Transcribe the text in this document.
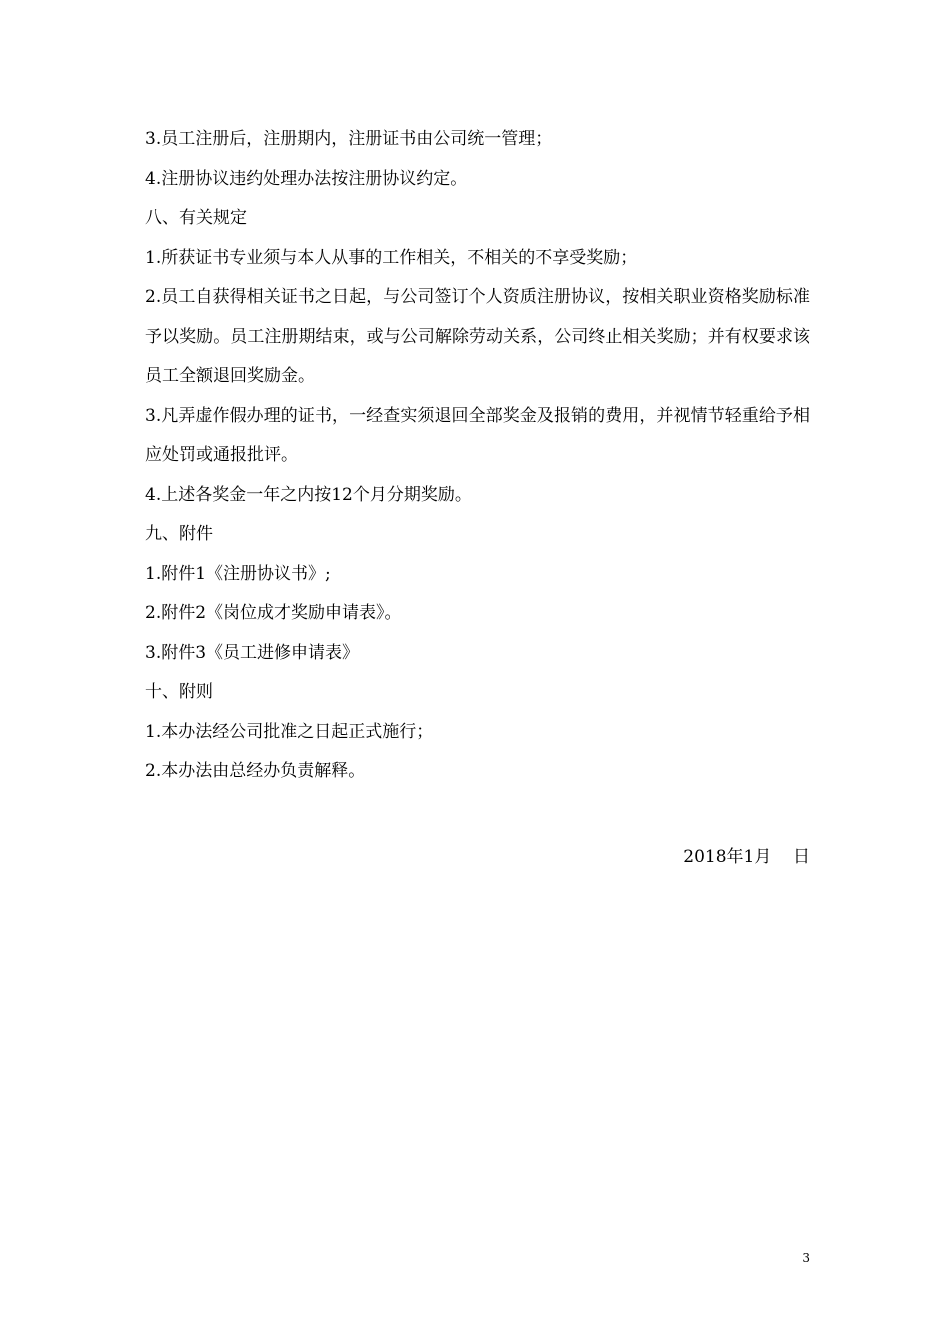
3.员工注册后，注册期内，注册证书由公司统一管理；

4.注册协议违约处理办法按注册协议约定。

八、有关规定

1.所获证书专业须与本人从事的工作相关，不相关的不享受奖励；

2.员工自获得相关证书之日起，与公司签订个人资质注册协议，按相关职业资格奖励标准予以奖励。员工注册期结束，或与公司解除劳动关系，公司终止相关奖励；并有权要求该员工全额退回奖励金。

3.凡弄虚作假办理的证书，一经查实须退回全部奖金及报销的费用，并视情节轻重给予相应处罚或通报批评。

4.上述各奖金一年之内按12个月分期奖励。

九、附件

1.附件1《注册协议书》;

2.附件2《岗位成才奖励申请表》。

3.附件3《员工进修申请表》

十、附则

1.本办法经公司批准之日起正式施行；

2.本办法由总经办负责解释。

2018年1月    日
3
